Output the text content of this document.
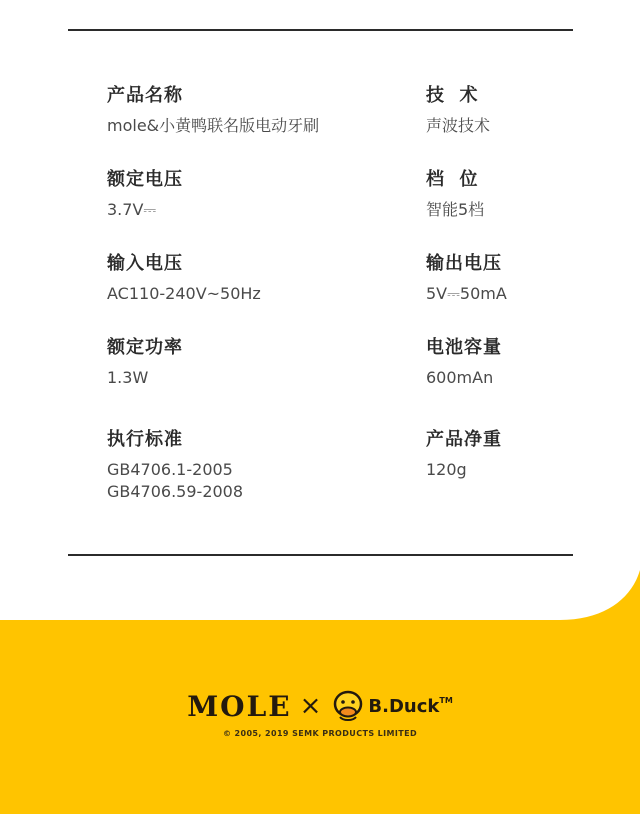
产品名称
mole&小黄鸭联名版电动牙刷
额定电压
3.7V⎓
输入电压
AC110-240V~50Hz
额定功率
1.3W
执行标准
GB4706.1-2005
GB4706.59-2008
技  术
声波技术
档  位
智能5档
输出电压
5V⎓50mA
电池容量
600mAn
产品净重
120g
MOLE ×	B.Duck™
© 2005, 2019 SEMK PRODUCTS LIMITED
